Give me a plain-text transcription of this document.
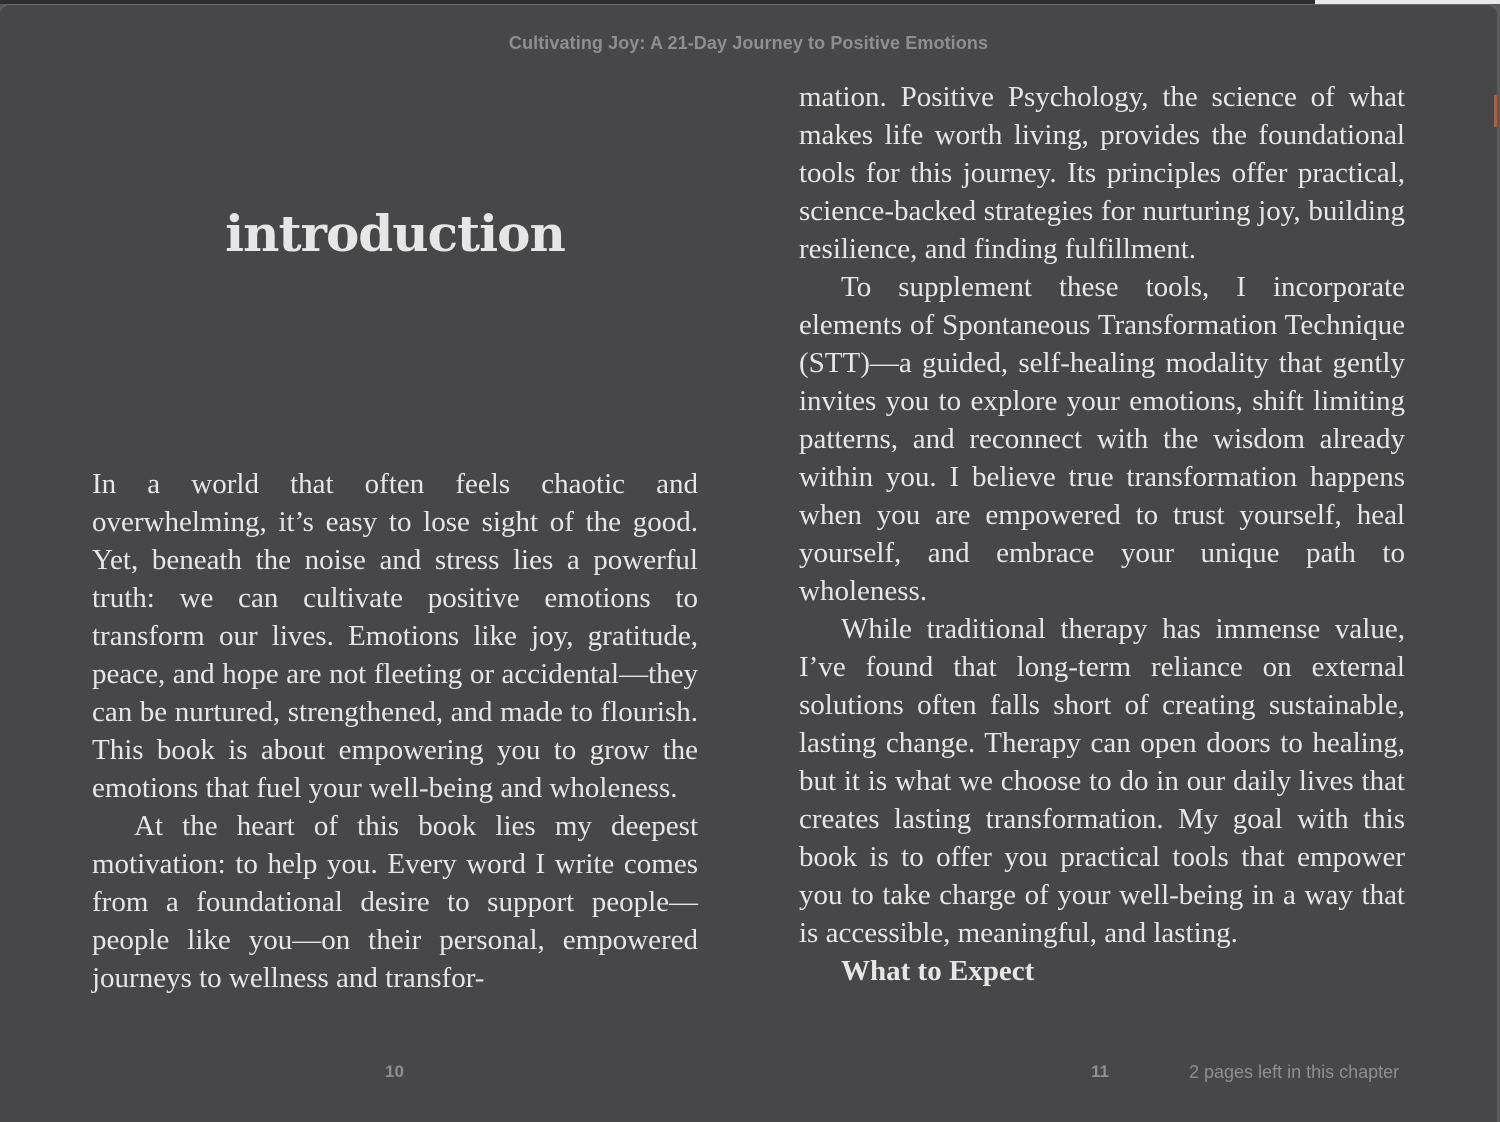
Cultivating Joy: A 21-Day Journey to Positive Emotions
introduction

In a world that often feels chaotic and overwhelming, it’s easy to lose sight of the good. Yet, beneath the noise and stress lies a powerful truth: we can cultivate positive emotions to transform our lives. Emotions like joy, gratitude, peace, and hope are not fleeting or accidental—they can be nurtured, strengthened, and made to flourish. This book is about empowering you to grow the emotions that fuel your well-being and wholeness.

At the heart of this book lies my deepest motivation: to help you. Every word I write comes from a foundational desire to support people—people like you—on their personal, empowered journeys to wellness and transfor-

mation. Positive Psychology, the science of what makes life worth living, provides the foundational tools for this journey. Its principles offer practical, science-backed strategies for nurturing joy, building resilience, and finding fulfillment.

To supplement these tools, I incorporate elements of Spontaneous Transformation Technique (STT)—a guided, self-healing modality that gently invites you to explore your emotions, shift limiting patterns, and reconnect with the wisdom already within you. I believe true transformation happens when you are empowered to trust yourself, heal yourself, and embrace your unique path to wholeness.

While traditional therapy has immense value, I’ve found that long-term reliance on external solutions often falls short of creating sustainable, lasting change. Therapy can open doors to healing, but it is what we choose to do in our daily lives that creates lasting transformation. My goal with this book is to offer you practical tools that empower you to take charge of your well-being in a way that is accessible, meaningful, and lasting.

What to Expect

10	11	2 pages left in this chapter
